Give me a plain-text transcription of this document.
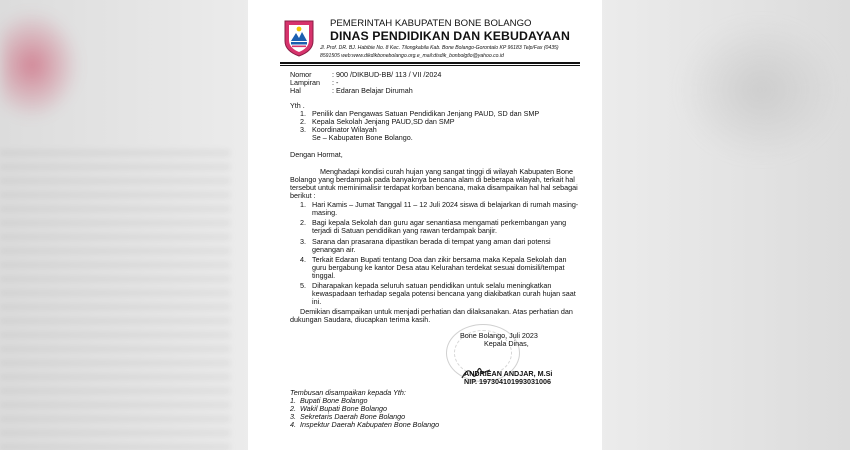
PEMERINTAH KABUPATEN BONE BOLANGO
DINAS PENDIDIKAN DAN KEBUDAYAAN
Jl. Prof. DR. BJ. Habibie No. 8 Kec. Tilongkabila Kab. Bone Bolango-Gorontalo KP 96183 Telp/Fax (0435)
8591505 web:www.dikdikbonebolango.org.e_mail:disdik_bonbolgtlo@yahoo.co.id
Nomor	: 900 /DIKBUD-BB/ 113 / VII /2024
Lampiran : -
Hal	: Edaran Belajar Dirumah
Yth .
1. Penilik dan Pengawas Satuan Pendidikan Jenjang PAUD, SD dan SMP
2. Kepala Sekolah Jenjang PAUD,SD dan SMP
3. Koordinator Wilayah
Se – Kabupaten Bone Bolango.
Dengan Hormat,
Menghadapi kondisi curah hujan yang sangat tinggi di wilayah Kabupaten Bone
Bolango yang berdampak pada banyaknya bencana alam di beberapa wilayah, terkait hal
tersebut untuk meminimalisir terdapat korban bencana, maka disampaikan hal hal sebagai
berikut :
1. Hari Kamis – Jumat Tanggal 11 – 12 Juli 2024 siswa di belajarkan di rumah masing-
masing.
2. Bagi kepala Sekolah dan guru agar senantiasa mengamati perkembangan yang
terjadi di Satuan pendidikan yang rawan terdampak banjir.
3. Sarana dan prasarana dipastikan berada di tempat yang aman dari potensi
genangan air.
4. Terkait Edaran Bupati tentang Doa dan zikir bersama maka Kepala Sekolah dan
guru bergabung ke kantor Desa atau Kelurahan terdekat sesuai domisili/tempat
tinggal.
5. Diharapakan kepada seluruh satuan pendidikan untuk selalu meningkatkan
kewaspadaan terhadap segala potensi bencana yang diakibatkan curah hujan saat
ini.
Demikian disampaikan untuk menjadi perhatian dan dilaksanakan. Atas perhatian dan
dukungan Saudara, diucapkan terima kasih.
Bone Bolango, Juli 2023
Kepala Dinas,
ANDRIEAN ANDJAR, M.Si
NIP. 197304101993031006
Tembusan disampaikan kepada Yth:
1. Bupati Bone Bolango
2. Wakil Bupati Bone Bolango
3. Sekretaris Daerah Bone Bolango
4. Inspektur Daerah Kabupaten Bone Bolango
